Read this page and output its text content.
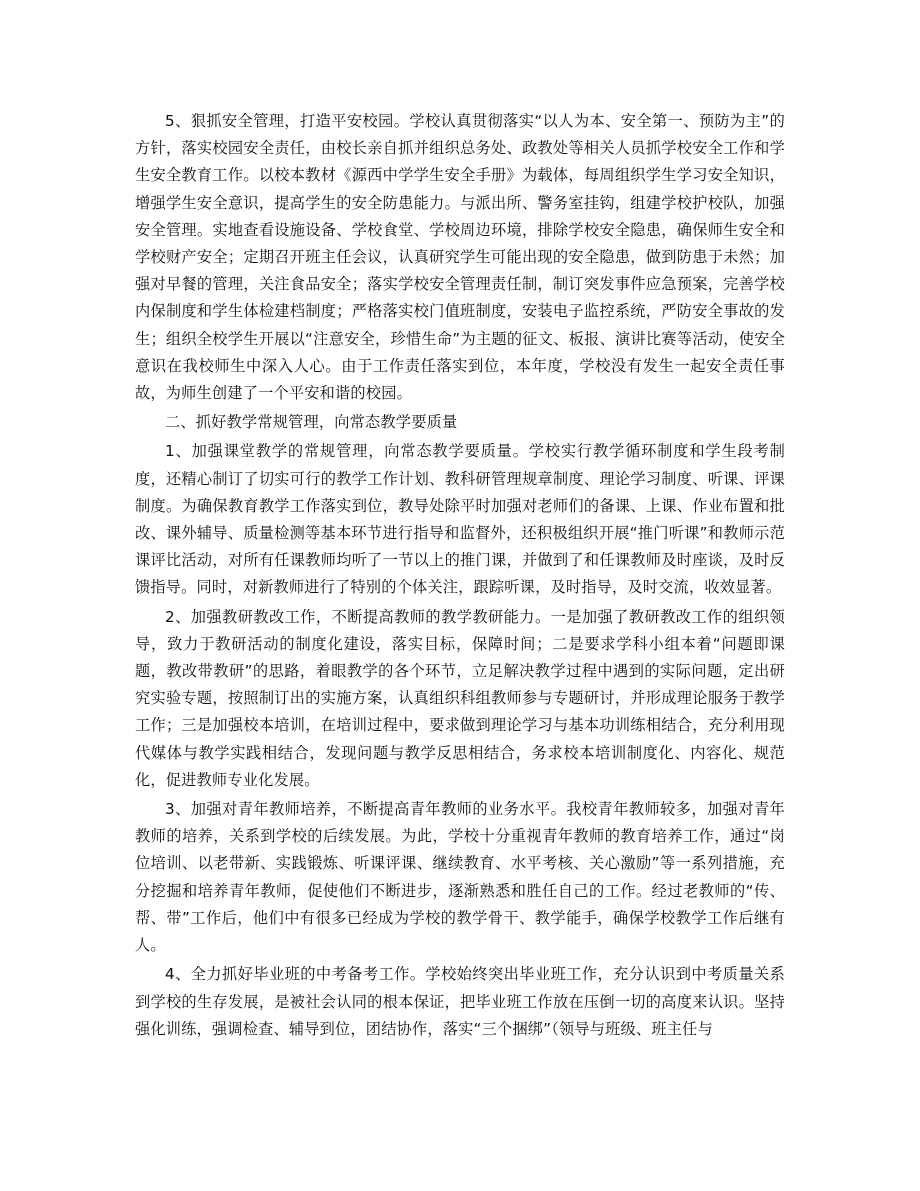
5、狠抓安全管理，打造平安校园。学校认真贯彻落实“以人为本、安全第一、预防为主”的方针，落实校园安全责任，由校长亲自抓并组织总务处、政教处等相关人员抓学校安全工作和学生安全教育工作。以校本教材《源西中学学生安全手册》为载体，每周组织学生学习安全知识，增强学生安全意识，提高学生的安全防患能力。与派出所、警务室挂钩，组建学校护校队，加强安全管理。实地查看设施设备、学校食堂、学校周边环境，排除学校安全隐患，确保师生安全和学校财产安全；定期召开班主任会议，认真研究学生可能出现的安全隐患，做到防患于未然；加强对早餐的管理，关注食品安全；落实学校安全管理责任制，制订突发事件应急预案，完善学校内保制度和学生体检建档制度；严格落实校门值班制度，安装电子监控系统，严防安全事故的发生；组织全校学生开展以“注意安全，珍惜生命”为主题的征文、板报、演讲比赛等活动，使安全意识在我校师生中深入人心。由于工作责任落实到位，本年度，学校没有发生一起安全责任事故，为师生创建了一个平安和谐的校园。

二、抓好教学常规管理，向常态教学要质量

1、加强课堂教学的常规管理，向常态教学要质量。学校实行教学循环制度和学生段考制度，还精心制订了切实可行的教学工作计划、教科研管理规章制度、理论学习制度、听课、评课制度。为确保教育教学工作落实到位，教导处除平时加强对老师们的备课、上课、作业布置和批改、课外辅导、质量检测等基本环节进行指导和监督外，还积极组织开展“推门听课”和教师示范课评比活动，对所有任课教师均听了一节以上的推门课，并做到了和任课教师及时座谈，及时反馈指导。同时，对新教师进行了特别的个体关注，跟踪听课，及时指导，及时交流，收效显著。

2、加强教研教改工作，不断提高教师的教学教研能力。一是加强了教研教改工作的组织领导，致力于教研活动的制度化建设，落实目标，保障时间；二是要求学科小组本着“问题即课题，教改带教研”的思路，着眼教学的各个环节，立足解决教学过程中遇到的实际问题，定出研究实验专题，按照制订出的实施方案，认真组织科组教师参与专题研讨，并形成理论服务于教学工作；三是加强校本培训，在培训过程中，要求做到理论学习与基本功训练相结合，充分利用现代媒体与教学实践相结合，发现问题与教学反思相结合，务求校本培训制度化、内容化、规范化，促进教师专业化发展。

3、加强对青年教师培养，不断提高青年教师的业务水平。我校青年教师较多，加强对青年教师的培养，关系到学校的后续发展。为此，学校十分重视青年教师的教育培养工作，通过“岗位培训、以老带新、实践锻炼、听课评课、继续教育、水平考核、关心激励”等一系列措施，充分挖掘和培养青年教师，促使他们不断进步，逐渐熟悉和胜任自己的工作。经过老教师的“传、帮、带”工作后，他们中有很多已经成为学校的教学骨干、教学能手，确保学校教学工作后继有人。

4、全力抓好毕业班的中考备考工作。学校始终突出毕业班工作，充分认识到中考质量关系到学校的生存发展，是被社会认同的根本保证，把毕业班工作放在压倒一切的高度来认识。坚持强化训练，强调检查、辅导到位，团结协作，落实“三个捆绑”（领导与班级、班主任与
